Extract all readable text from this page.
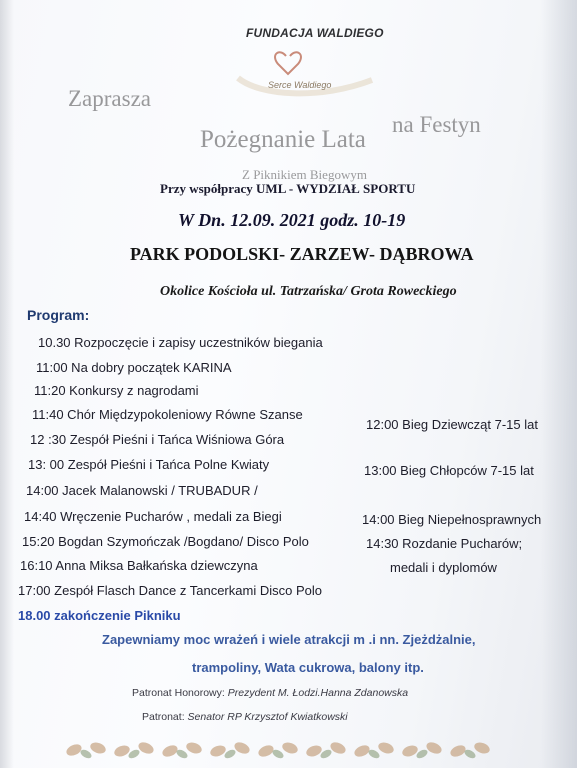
FUNDACJA WALDIEGO
Serce Waldiego
Zaprasza
na Festyn
Pożegnanie Lata
Z Piknikiem Biegowym
Przy współpracy UML - WYDZIAŁ SPORTU
W Dn. 12.09. 2021 godz. 10-19
PARK PODOLSKI- ZARZEW- DĄBROWA
Okolice Kościoła ul. Tatrzańska/ Grota Roweckiego
Program:
10.30 Rozpoczęcie i zapisy uczestników biegania
11:00 Na dobry początek KARINA
11:20 Konkursy z nagrodami
11:40 Chór Międzypokoleniowy Równe Szanse
12 :30 Zespół Pieśni i Tańca Wiśniowa Góra
13: 00 Zespół Pieśni i Tańca Polne Kwiaty
14:00 Jacek Malanowski / TRUBADUR /
14:40 Wręczenie Pucharów , medali za Biegi
15:20 Bogdan Szymończak /Bogdano/ Disco Polo
16:10 Anna Miksa Bałkańska dziewczyna
17:00 Zespół Flasch Dance z Tancerkami Disco Polo
18.00 zakończenie Pikniku
12:00 Bieg Dziewcząt 7-15 lat
13:00 Bieg Chłopców 7-15 lat
14:00 Bieg Niepełnosprawnych
14:30 Rozdanie Pucharów;
medali i dyplomów
Zapewniamy moc wrażeń i wiele atrakcji m .i nn. Zjeżdżalnie,
trampoliny, Wata cukrowa, balony itp.
Patronat Honorowy: Prezydent M. Łodzi.Hanna Zdanowska
Patronat: Senator RP Krzysztof Kwiatkowski
